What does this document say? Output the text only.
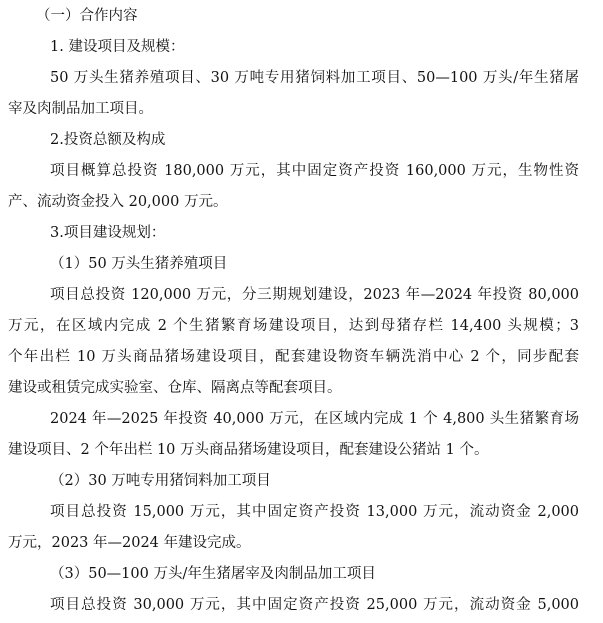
（一）合作内容
1. 建设项目及规模：
50 万头生猪养殖项目、30 万吨专用猪饲料加工项目、50—100 万头/年生猪屠
宰及肉制品加工项目。
2.投资总额及构成
项目概算总投资 180,000 万元，其中固定资产投资 160,000 万元，生物性资
产、流动资金投入 20,000 万元。
3.项目建设规划：
（1）50 万头生猪养殖项目
项目总投资 120,000 万元，分三期规划建设，2023 年—2024 年投资 80,000
万元，在区域内完成 2 个生猪繁育场建设项目，达到母猪存栏 14,400 头规模；3
个年出栏 10 万头商品猪场建设项目，配套建设物资车辆洗消中心 2 个，同步配套
建设或租赁完成实验室、仓库、隔离点等配套项目。
2024 年—2025 年投资 40,000 万元，在区域内完成 1 个 4,800 头生猪繁育场
建设项目、2 个年出栏 10 万头商品猪场建设项目，配套建设公猪站 1 个。
（2）30 万吨专用猪饲料加工项目
项目总投资 15,000 万元，其中固定资产投资 13,000 万元，流动资金 2,000
万元，2023 年—2024 年建设完成。
（3）50—100 万头/年生猪屠宰及肉制品加工项目
项目总投资 30,000 万元，其中固定资产投资 25,000 万元，流动资金 5,000
